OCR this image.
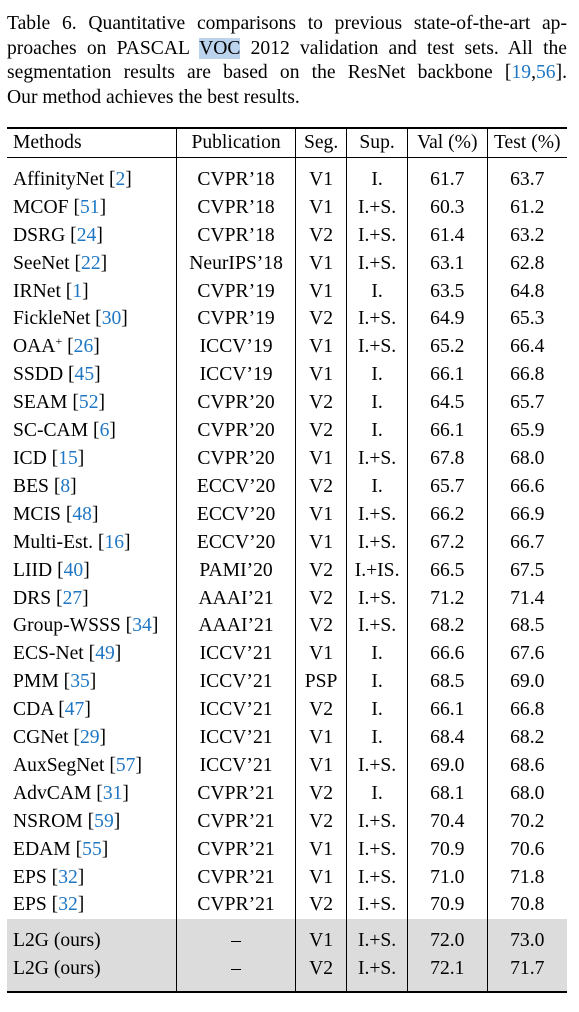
Table 6. Quantitative comparisons to previous state-of-the-art ap-
proaches on PASCAL VOC 2012 validation and test sets. All the
segmentation results are based on the ResNet backbone [19,56].
Our method achieves the best results.
Methods	Publication	Seg.	Sup.	Val (%)	Test (%)
AffinityNet [2]	CVPR’18	V1	I.	61.7	63.7
MCOF [51]	CVPR’18	V1	I.+S.	60.3	61.2
DSRG [24]	CVPR’18	V2	I.+S.	61.4	63.2
SeeNet [22]	NeurIPS’18	V1	I.+S.	63.1	62.8
IRNet [1]	CVPR’19	V1	I.	63.5	64.8
FickleNet [30]	CVPR’19	V2	I.+S.	64.9	65.3
OAA+ [26]	ICCV’19	V1	I.+S.	65.2	66.4
SSDD [45]	ICCV’19	V1	I.	66.1	66.8
SEAM [52]	CVPR’20	V2	I.	64.5	65.7
SC-CAM [6]	CVPR’20	V2	I.	66.1	65.9
ICD [15]	CVPR’20	V1	I.+S.	67.8	68.0
BES [8]	ECCV’20	V2	I.	65.7	66.6
MCIS [48]	ECCV’20	V1	I.+S.	66.2	66.9
Multi-Est. [16]	ECCV’20	V1	I.+S.	67.2	66.7
LIID [40]	PAMI’20	V2	I.+IS.	66.5	67.5
DRS [27]	AAAI’21	V2	I.+S.	71.2	71.4
Group-WSSS [34]	AAAI’21	V2	I.+S.	68.2	68.5
ECS-Net [49]	ICCV’21	V1	I.	66.6	67.6
PMM [35]	ICCV’21	PSP	I.	68.5	69.0
CDA [47]	ICCV’21	V2	I.	66.1	66.8
CGNet [29]	ICCV’21	V1	I.	68.4	68.2
AuxSegNet [57]	ICCV’21	V1	I.+S.	69.0	68.6
AdvCAM [31]	CVPR’21	V2	I.	68.1	68.0
NSROM [59]	CVPR’21	V2	I.+S.	70.4	70.2
EDAM [55]	CVPR’21	V1	I.+S.	70.9	70.6
EPS [32]	CVPR’21	V1	I.+S.	71.0	71.8
EPS [32]	CVPR’21	V2	I.+S.	70.9	70.8
L2G (ours)	–	V1	I.+S.	72.0	73.0
L2G (ours)	–	V2	I.+S.	72.1	71.7
